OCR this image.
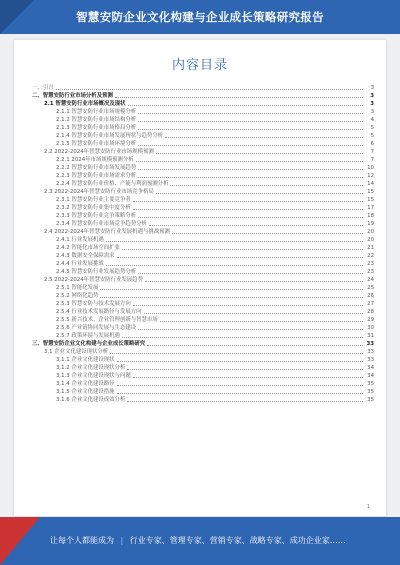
智慧安防企业文化构建与企业成长策略研究报告
内容目录
一、引言	3
二、智慧安防行业市场分析及预测	3
2.1 智慧安防行业市场概况及现状	3
2.1.1 智慧安防行业市场规模分析	3
2.1.2 智慧安防行业市场结构分析	4
2.1.3 智慧安防行业市场格局分析	5
2.1.4 智慧安防行业市场发展现状与趋势分析	5
2.1.5 智慧安防行业市场环境分析	6
2.2 2022-2024年智慧安防行业市场规模预测	7
2.2.1 2024年市场规模预测分析	7
2.2.2 智慧安防行业市场发展趋势	10
2.2.3 智慧安防行业市场需求分析	12
2.2.4 智慧安防行业价格、产能与利润预测分析	14
2.3 2022-2024年智慧安防行业市场竞争格局	15
2.3.1 智慧安防行业主要竞争者	15
2.3.2 智慧安防行业集中度分析	17
2.3.3 智慧安防行业竞争策略分析	18
2.3.4 智慧安防行业市场竞争趋势分析	19
2.4 2022-2024年智慧安防行业发展机遇与挑战预测	20
2.4.1 行业发展机遇	20
2.4.2 智能化市场空间扩张	21
2.4.3 数据安全保障需求	22
2.4.4 行业发展挑战	23
2.4.5 智慧安防行业发展趋势分析	23
2.5 2022-2024年智慧安防行业发展趋势	24
2.5.1 智能化发展	25
2.5.2 网络化趋势	26
2.5.3 智慧安防与技术发展方向	27
2.5.4 行业技术发展路径与发展方向	28
2.5.5 新兴技术、企业管理创新与智慧市场	29
2.5.6 产业链协同发展与生态建设	30
2.5.7 政策环境与发展机遇	31
三、智慧安防企业文化构建与企业成长策略研究	33
3.1 企业文化建设现状分析	33
3.1.1 企业文化建设现状	33
3.1.2 企业文化建设现状分析	34
3.1.3 企业文化建设现状与问题	34
3.1.4 企业文化建设路径	35
3.1.5 企业文化建设措施	35
3.1.6 企业文化建设成效分析	35
1
让每个人都能成为 | 行业专家、管理专家、营销专家、战略专家、成功企业家……
